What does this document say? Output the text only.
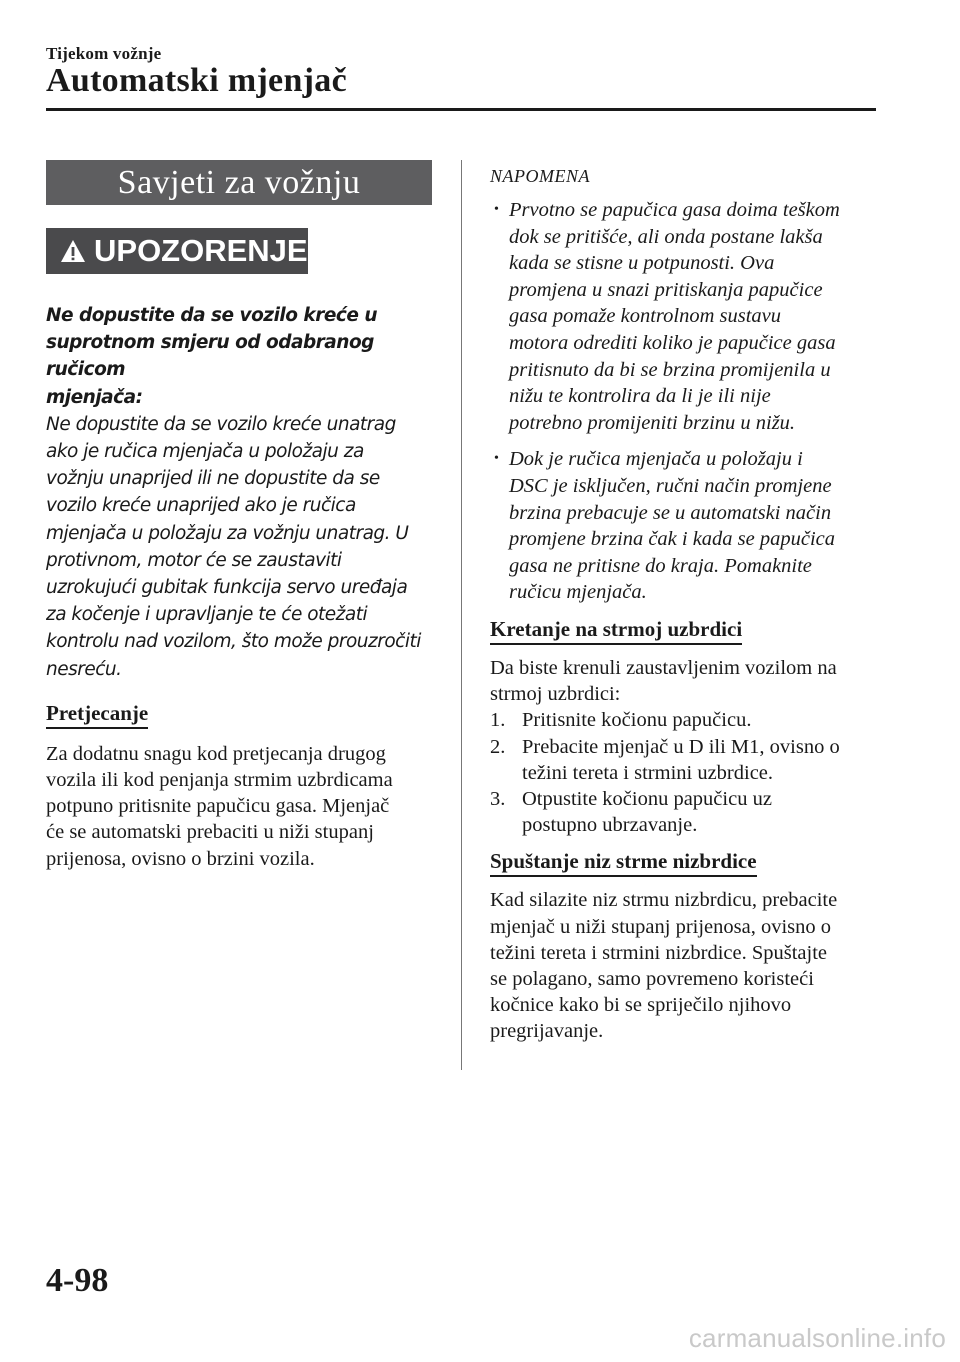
Tijekom vožnje
Automatski mjenjač
Savjeti za vožnju
UPOZORENJE
Ne dopustite da se vozilo kreće u
suprotnom smjeru od odabranog ručicom
mjenjača:
Ne dopustite da se vozilo kreće unatrag
ako je ručica mjenjača u položaju za
vožnju unaprijed ili ne dopustite da se
vozilo kreće unaprijed ako je ručica
mjenjača u položaju za vožnju unatrag. U
protivnom, motor će se zaustaviti
uzrokujući gubitak funkcija servo uređaja
za kočenje i upravljanje te će otežati
kontrolu nad vozilom, što može prouzročiti
nesreću.
Pretjecanje
Za dodatnu snagu kod pretjecanja drugog
vozila ili kod penjanja strmim uzbrdicama
potpuno pritisnite papučicu gasa. Mjenjač
će se automatski prebaciti u niži stupanj
prijenosa, ovisno o brzini vozila.
NAPOMENA
• Prvotno se papučica gasa doima teškom
dok se pritišće, ali onda postane lakša
kada se stisne u potpunosti. Ova
promjena u snazi pritiskanja papučice
gasa pomaže kontrolnom sustavu
motora odrediti koliko je papučice gasa
pritisnuto da bi se brzina promijenila u
nižu te kontrolira da li je ili nije
potrebno promijeniti brzinu u nižu.
• Dok je ručica mjenjača u položaju i
DSC je isključen, ručni način promjene
brzina prebacuje se u automatski način
promjene brzina čak i kada se papučica
gasa ne pritisne do kraja. Pomaknite
ručicu mjenjača.
Kretanje na strmoj uzbrdici
Da biste krenuli zaustavljenim vozilom na
strmoj uzbrdici:
1. Pritisnite kočionu papučicu.
2. Prebacite mjenjač u D ili M1, ovisno o
težini tereta i strmini uzbrdice.
3. Otpustite kočionu papučicu uz
postupno ubrzavanje.
Spuštanje niz strme nizbrdice
Kad silazite niz strmu nizbrdicu, prebacite
mjenjač u niži stupanj prijenosa, ovisno o
težini tereta i strmini nizbrdice. Spuštajte
se polagano, samo povremeno koristeći
kočnice kako bi se spriječilo njihovo
pregrijavanje.
4-98
carmanualsonline.info
